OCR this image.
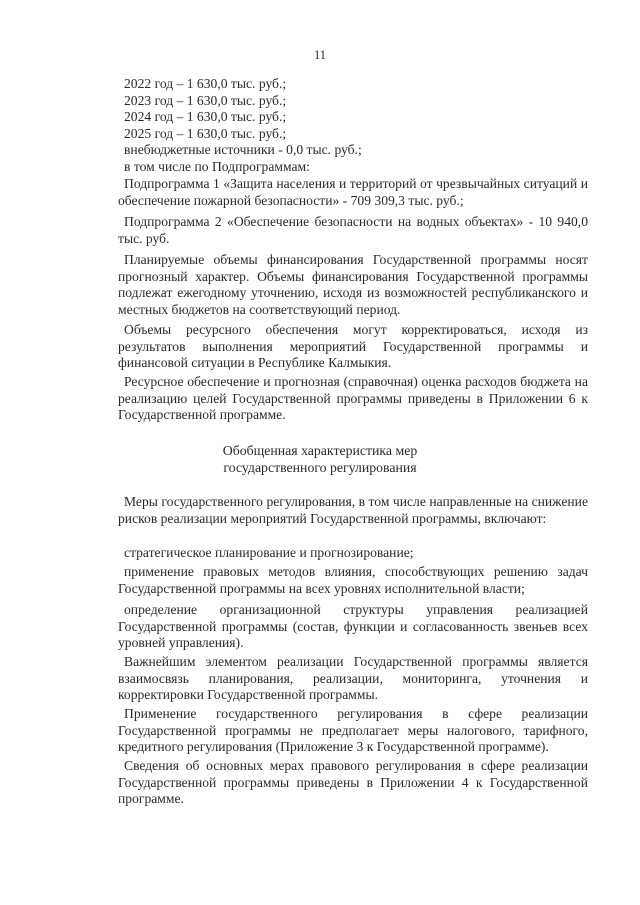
11

2022 год – 1 630,0 тыс. руб.;

2023 год – 1 630,0 тыс. руб.;

2024 год – 1 630,0 тыс. руб.;

2025 год – 1 630,0 тыс. руб.;

внебюджетные источники - 0,0 тыс. руб.;

в том числе по Подпрограммам:

Подпрограмма 1 «Защита населения и территорий от чрезвычайных ситуаций и обеспечение пожарной безопасности» - 709 309,3 тыс. руб.;

Подпрограмма 2 «Обеспечение безопасности на водных объектах» - 10 940,0 тыс. руб.

Планируемые объемы финансирования Государственной программы носят прогнозный характер. Объемы финансирования Государственной программы подлежат ежегодному уточнению, исходя из возможностей республиканского и местных бюджетов на соответствующий период.

Объемы ресурсного обеспечения могут корректироваться, исходя из результатов выполнения мероприятий Государственной программы и финансовой ситуации в Республике Калмыкия.

Ресурсное обеспечение и прогнозная (справочная) оценка расходов бюджета на реализацию целей Государственной программы приведены в Приложении 6 к Государственной программе.

Обобщенная характеристика мер
государственного регулирования

Меры государственного регулирования, в том числе направленные на снижение рисков реализации мероприятий Государственной программы, включают:

стратегическое планирование и прогнозирование;

применение правовых методов влияния, способствующих решению задач Государственной программы на всех уровнях исполнительной власти;

определение организационной структуры управления реализацией Государственной программы (состав, функции и согласованность звеньев всех уровней управления).

Важнейшим элементом реализации Государственной программы является взаимосвязь планирования, реализации, мониторинга, уточнения и корректировки Государственной программы.

Применение государственного регулирования в сфере реализации Государственной программы не предполагает меры налогового, тарифного, кредитного регулирования (Приложение 3 к Государственной программе).

Сведения об основных мерах правового регулирования в сфере реализации Государственной программы приведены в Приложении 4 к Государственной программе.
